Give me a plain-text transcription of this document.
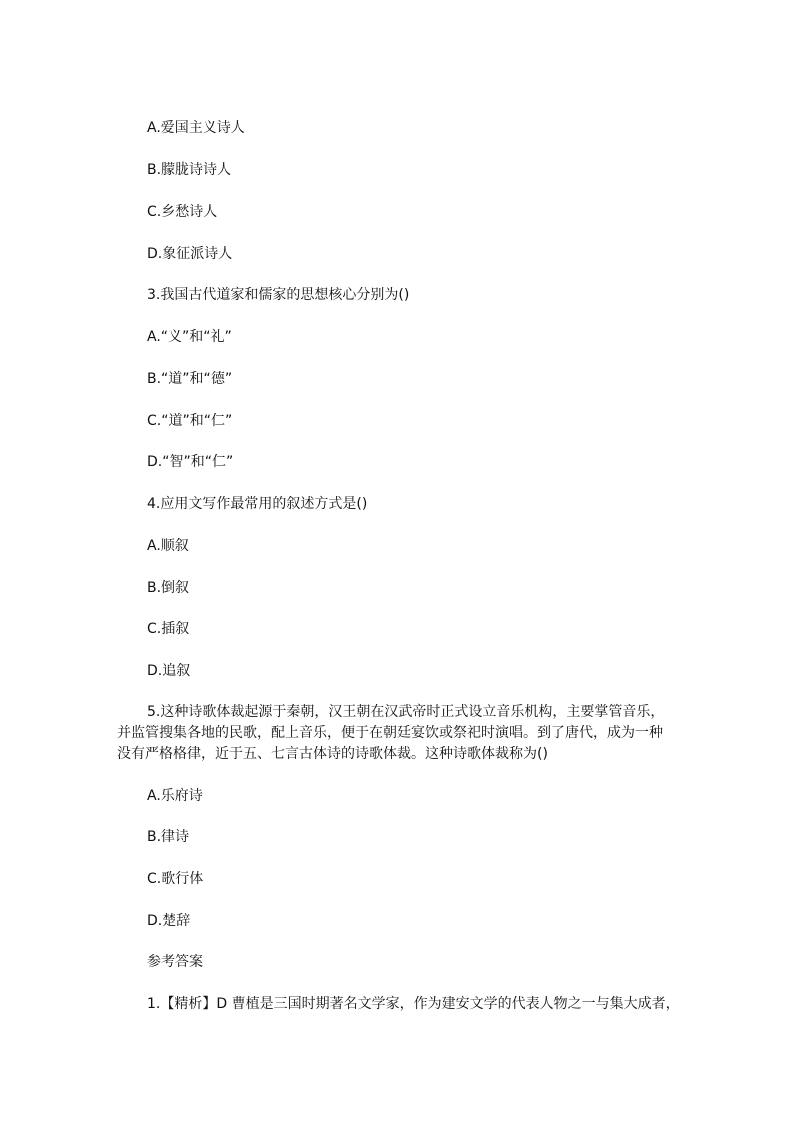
A.爱国主义诗人
B.朦胧诗诗人
C.乡愁诗人
D.象征派诗人
3.我国古代道家和儒家的思想核心分别为()
A.“义”和“礼”
B.“道”和“德”
C.“道”和“仁”
D.“智”和“仁”
4.应用文写作最常用的叙述方式是()
A.顺叙
B.倒叙
C.插叙
D.追叙
5.这种诗歌体裁起源于秦朝，汉王朝在汉武帝时正式设立音乐机构，主要掌管音乐，
并监管搜集各地的民歌，配上音乐，便于在朝廷宴饮或祭祀时演唱。到了唐代，成为一种
没有严格格律，近于五、七言古体诗的诗歌体裁。这种诗歌体裁称为()
A.乐府诗
B.律诗
C.歌行体
D.楚辞
参考答案
1.【精析】D 曹植是三国时期著名文学家，作为建安文学的代表人物之一与集大成者，
